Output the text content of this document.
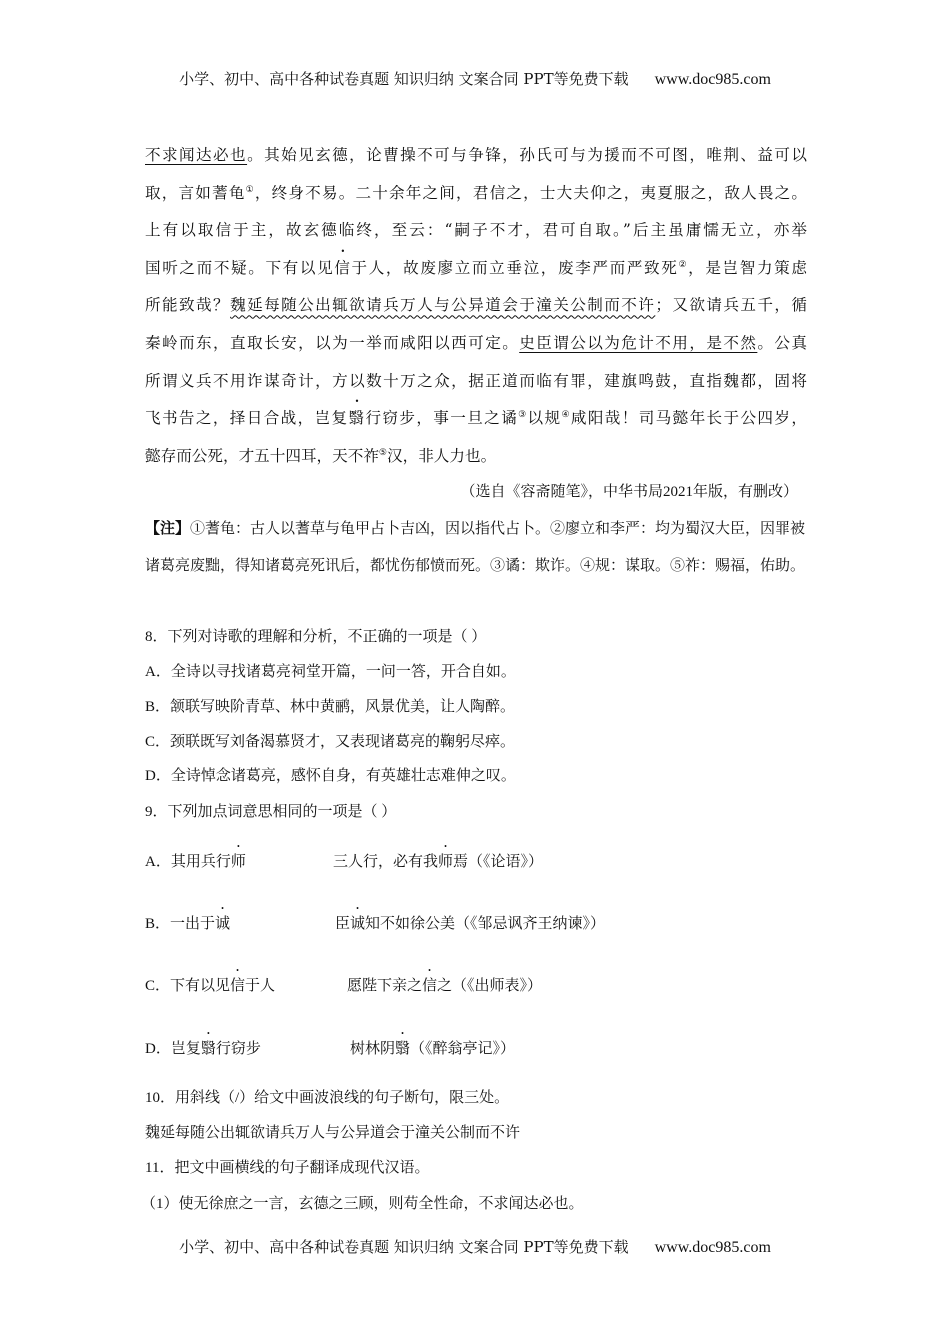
小学、初中、高中各种试卷真题 知识归纳 文案合同 PPT等免费下载 www.doc985.com
不求闻达必也。其始见玄德，论曹操不可与争锋，孙氏可与为援而不可图，唯荆、益可以
取，言如蓍龟①，终身不易。二十余年之间，君信之，士大夫仰之，夷夏服之，敌人畏之。
上有以取信于主，故玄德临终，至云：“嗣子不才，君可自取。”后主虽庸懦无立，亦举
国听之而不疑。下有以见信于人，故废廖立而立垂泣，废李严而严致死②，是岂智力策虑
所能致哉？魏延每随公出辄欲请兵万人与公异道会于潼关公制而不许；又欲请兵五千，循
秦岭而东，直取长安，以为一举而咸阳以西可定。史臣谓公以为危计不用，是不然。公真
所谓义兵不用诈谋奇计，方以数十万之众，据正道而临有罪，建旗鸣鼓，直指魏都，固将
飞书告之，择日合战，岂复翳行窃步，事一旦之谲③以规④咸阳哉！司马懿年长于公四岁，
懿存而公死，才五十四耳，天不祚⑤汉，非人力也。
（选自《容斋随笔》，中华书局2021年版，有删改）
【注】①蓍龟：古人以蓍草与龟甲占卜吉凶，因以指代占卜。②廖立和李严：均为蜀汉大臣，因罪被诸葛亮废黜，得知诸葛亮死讯后，都忧伤郁愤而死。③谲：欺诈。④规：谋取。⑤祚：赐福，佑助。
8．下列对诗歌的理解和分析，不正确的一项是（ ）
A．全诗以寻找诸葛亮祠堂开篇，一问一答，开合自如。
B．颔联写映阶青草、林中黄鹂，风景优美，让人陶醉。
C．颈联既写刘备渴慕贤才，又表现诸葛亮的鞠躬尽瘁。
D．全诗悼念诸葛亮，感怀自身，有英雄壮志难伸之叹。
9．下列加点词意思相同的一项是（ ）
A．其用兵行师	三人行，必有我师焉（《论语》）
B．一出于诚	臣诚知不如徐公美（《邹忌讽齐王纳谏》）
C．下有以见信于人	愿陛下亲之信之（《出师表》）
D．岂复翳行窃步	树林阴翳（《醉翁亭记》）
10．用斜线（/）给文中画波浪线的句子断句，限三处。
魏延每随公出辄欲请兵万人与公异道会于潼关公制而不许
11．把文中画横线的句子翻译成现代汉语。
（1）使无徐庶之一言，玄德之三顾，则苟全性命，不求闻达必也。
小学、初中、高中各种试卷真题 知识归纳 文案合同 PPT等免费下载 www.doc985.com
